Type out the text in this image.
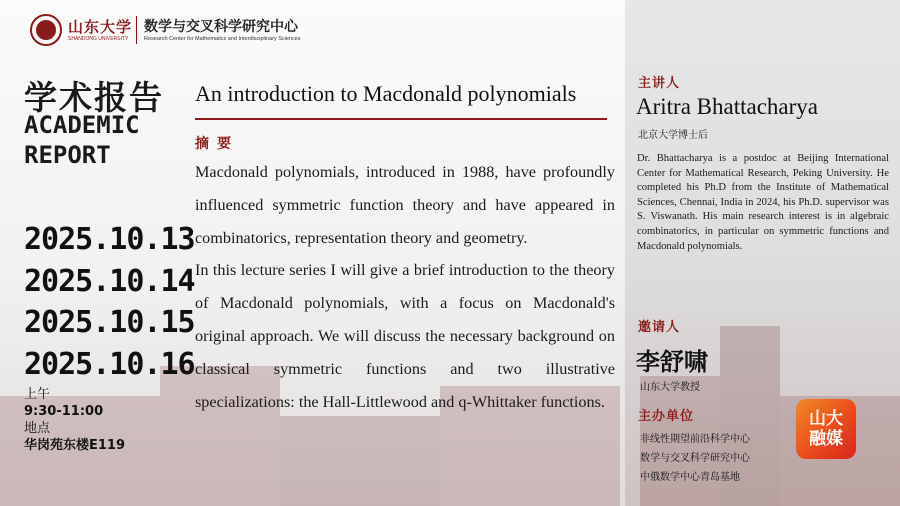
山东大学
SHANDONG UNIVERSITY
数学与交叉科学研究中心
Research Center for Mathematics and Interdisciplinary Sciences
学术报告
ACADEMIC REPORT
2025.10.13
2025.10.14
2025.10.15
2025.10.16
上午
9:30-11:00
地点
华岗苑东楼E119
An introduction to Macdonald polynomials
摘要
Macdonald polynomials, introduced in 1988, have profoundly influenced symmetric function theory and have appeared in combinatorics, representation theory and geometry.
In this lecture series I will give a brief introduction to the theory of Macdonald polynomials, with a focus on Macdonald's original approach. We will discuss the necessary background on classical symmetric functions and two illustrative specializations: the Hall-Littlewood and q-Whittaker functions.
主讲人
Aritra Bhattacharya
北京大学博士后
Dr. Bhattacharya is a postdoc at Beijing International Center for Mathematical Research, Peking University. He completed his Ph.D from the Institute of Mathematical Sciences, Chennai, India in 2024, his Ph.D. supervisor was S. Viswanath. His main research interest is in algebraic combinatorics, in particular on symmetric functions and Macdonald polynomials.
邀请人
李舒啸
山东大学教授
主办单位
非线性期望前沿科学中心
数学与交叉科学研究中心
中俄数学中心青岛基地
山大
融媒
